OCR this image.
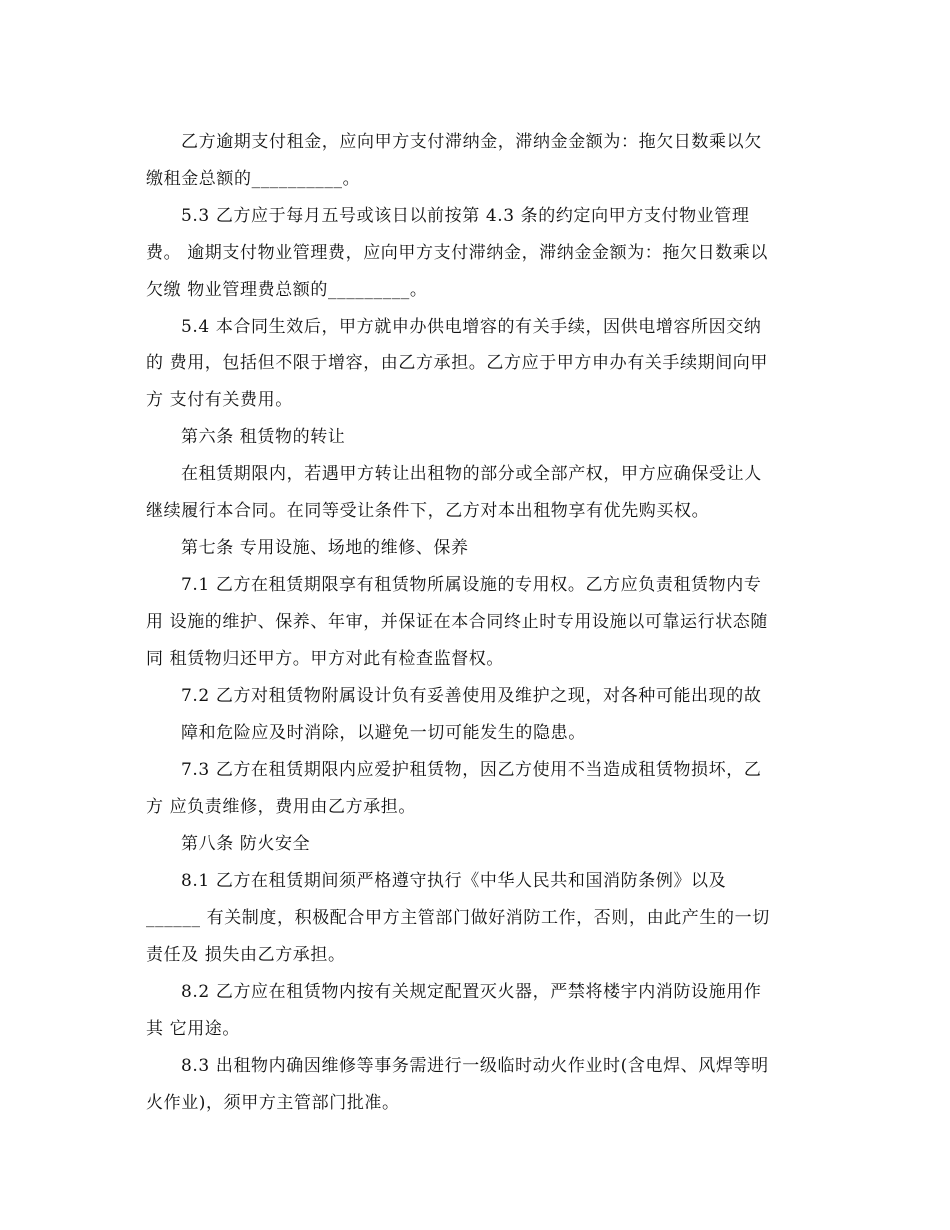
乙方逾期支付租金，应向甲方支付滞纳金，滞纳金金额为：拖欠日数乘以欠
缴租金总额的__________。
5.3 乙方应于每月五号或该日以前按第 4.3 条的约定向甲方支付物业管理
费。 逾期支付物业管理费，应向甲方支付滞纳金，滞纳金金额为：拖欠日数乘以
欠缴 物业管理费总额的_________。
5.4 本合同生效后，甲方就申办供电增容的有关手续，因供电增容所因交纳
的 费用，包括但不限于增容，由乙方承担。乙方应于甲方申办有关手续期间向甲
方 支付有关费用。
第六条 租赁物的转让
在租赁期限内，若遇甲方转让出租物的部分或全部产权，甲方应确保受让人
继续履行本合同。在同等受让条件下，乙方对本出租物享有优先购买权。
第七条 专用设施、场地的维修、保养
7.1 乙方在租赁期限享有租赁物所属设施的专用权。乙方应负责租赁物内专
用 设施的维护、保养、年审，并保证在本合同终止时专用设施以可靠运行状态随
同 租赁物归还甲方。甲方对此有检查监督权。
7.2 乙方对租赁物附属设计负有妥善使用及维护之现，对各种可能出现的故
障和危险应及时消除，以避免一切可能发生的隐患。
7.3 乙方在租赁期限内应爱护租赁物，因乙方使用不当造成租赁物损坏，乙
方 应负责维修，费用由乙方承担。
第八条 防火安全
8.1 乙方在租赁期间须严格遵守执行《中华人民共和国消防条例》以及
______ 有关制度，积极配合甲方主管部门做好消防工作，否则，由此产生的一切
责任及 损失由乙方承担。
8.2 乙方应在租赁物内按有关规定配置灭火器，严禁将楼宇内消防设施用作
其 它用途。
8.3 出租物内确因维修等事务需进行一级临时动火作业时(含电焊、风焊等明
火作业)，须甲方主管部门批准。
